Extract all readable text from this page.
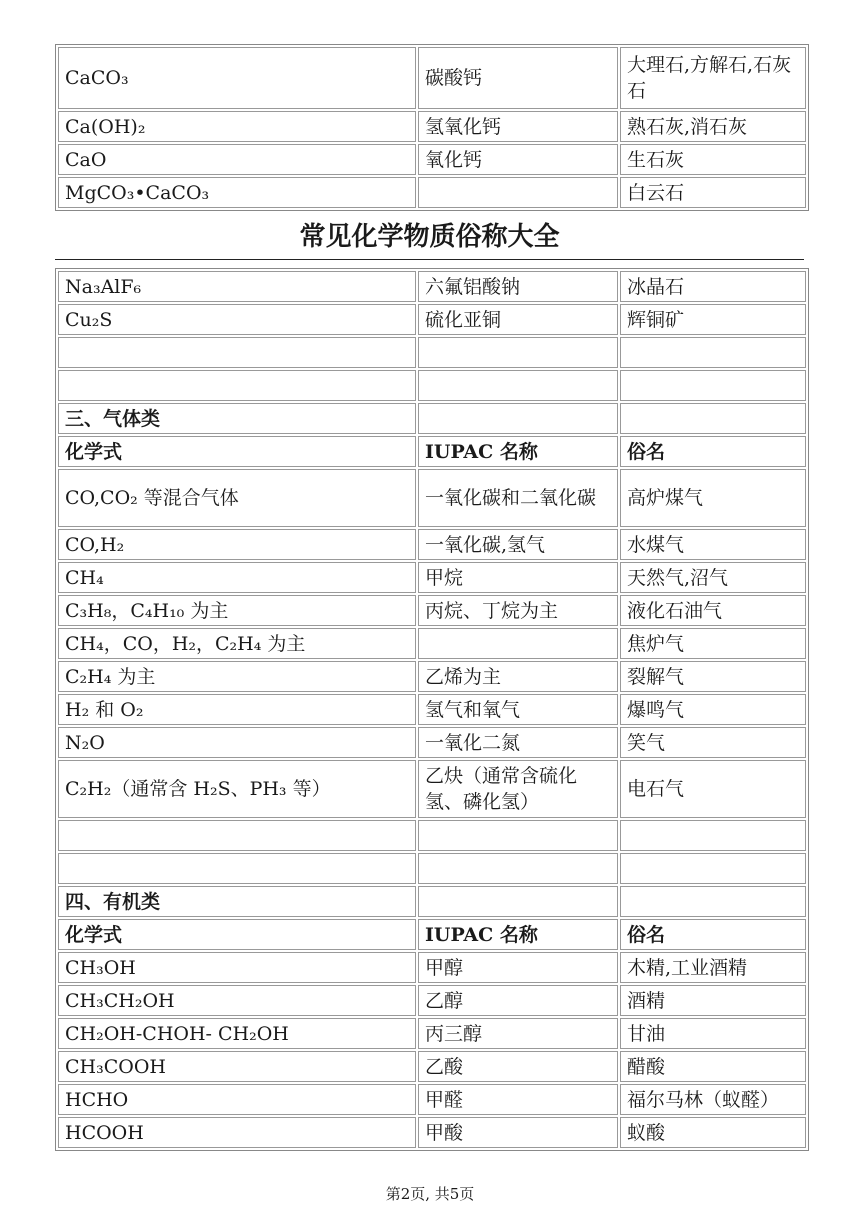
CaCO₃	碳酸钙	大理石,方解石,石灰石
Ca(OH)₂	氢氧化钙	熟石灰,消石灰
CaO	氧化钙	生石灰
MgCO₃•CaCO₃		白云石
常见化学物质俗称大全
Na₃AlF₆	六氟铝酸钠	冰晶石
Cu₂S	硫化亚铜	辉铜矿

三、气体类		
化学式	IUPAC 名称	俗名
CO,CO₂ 等混合气体	一氧化碳和二氧化碳	高炉煤气
CO,H₂	一氧化碳,氢气	水煤气
CH₄	甲烷	天然气,沼气
C₃H₈，C₄H₁₀ 为主	丙烷、丁烷为主	液化石油气
CH₄，CO，H₂，C₂H₄ 为主		焦炉气
C₂H₄ 为主	乙烯为主	裂解气
H₂ 和 O₂	氢气和氧气	爆鸣气
N₂O	一氧化二氮	笑气
C₂H₂（通常含 H₂S、PH₃ 等）	乙炔（通常含硫化氢、磷化氢）	电石气

四、有机类		
化学式	IUPAC 名称	俗名
CH₃OH	甲醇	木精,工业酒精
CH₃CH₂OH	乙醇	酒精
CH₂OH-CHOH- CH₂OH	丙三醇	甘油
CH₃COOH	乙酸	醋酸
HCHO	甲醛	福尔马林（蚁醛）
HCOOH	甲酸	蚁酸
第2页, 共5页
